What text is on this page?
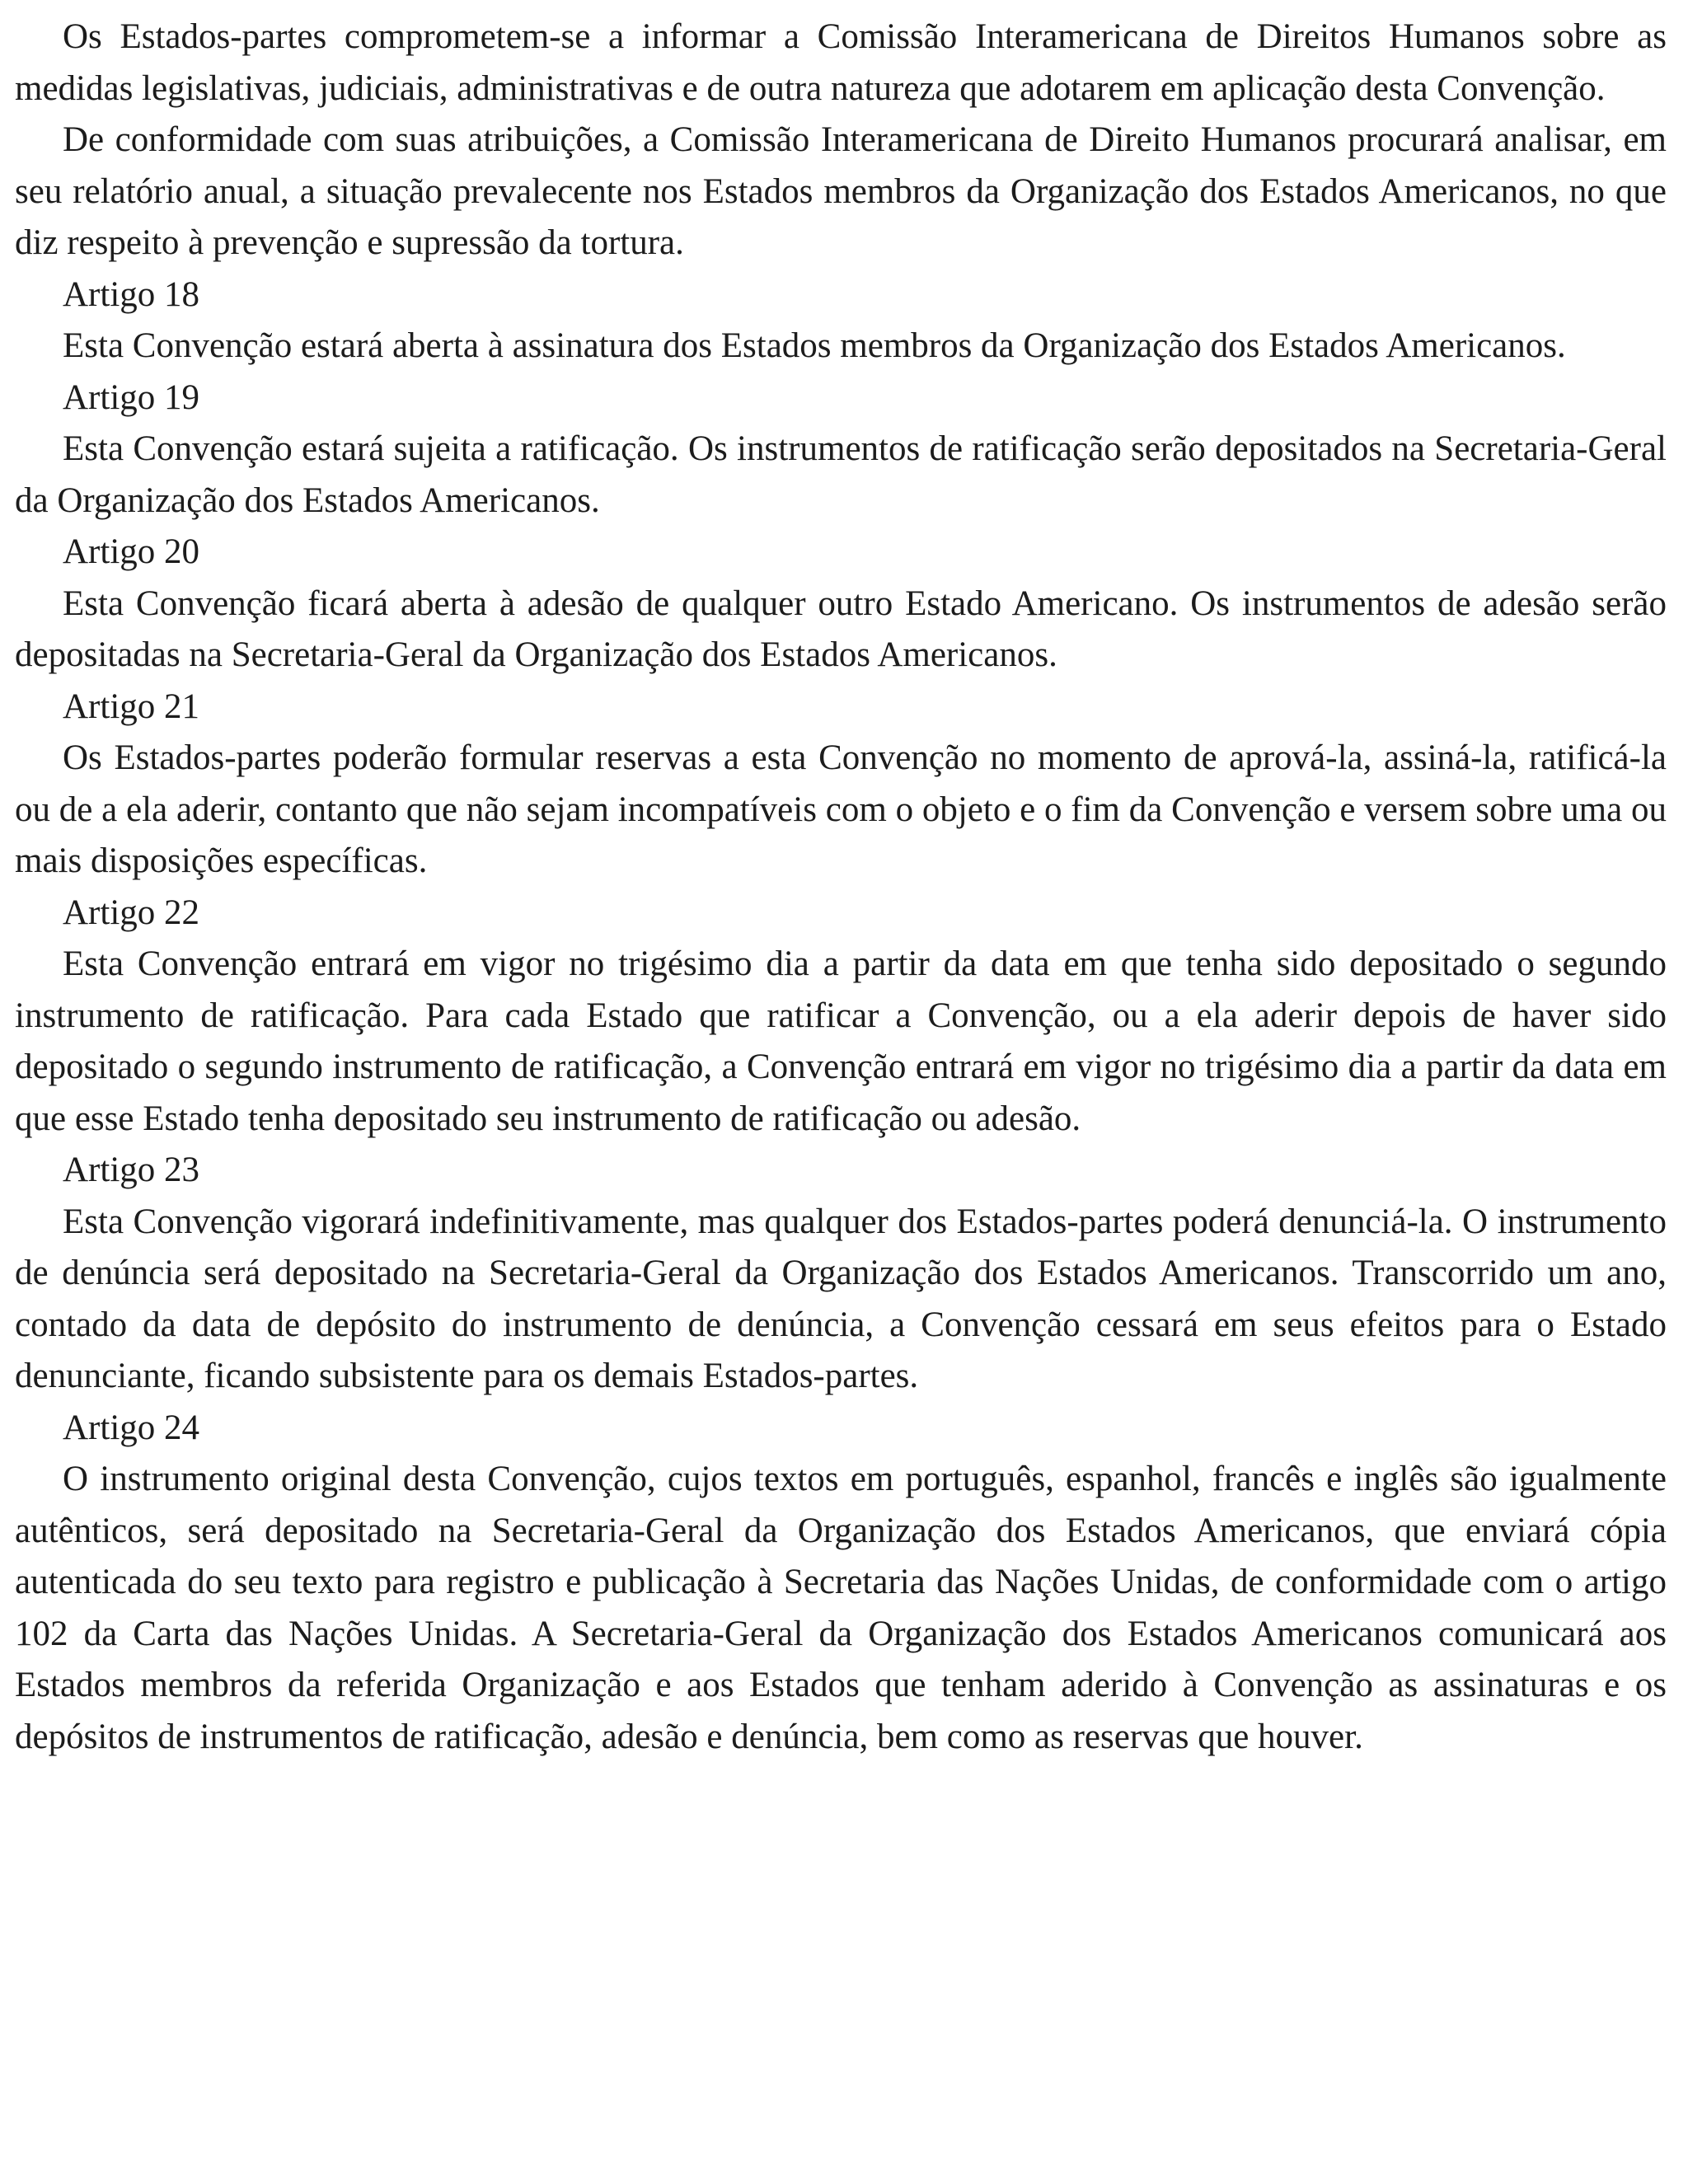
Os Estados-partes comprometem-se a informar a Comissão Interamericana de Direitos Humanos sobre as medidas legislativas, judiciais, administrativas e de outra natureza que adotarem em aplicação desta Convenção.

De conformidade com suas atribuições, a Comissão Interamericana de Direito Humanos procurará analisar, em seu relatório anual, a situação prevalecente nos Estados membros da Organização dos Estados Americanos, no que diz respeito à prevenção e supressão da tortura.

Artigo 18

Esta Convenção estará aberta à assinatura dos Estados membros da Organização dos Estados Americanos.

Artigo 19

Esta Convenção estará sujeita a ratificação. Os instrumentos de ratificação serão depositados na Secretaria-Geral da Organização dos Estados Americanos.

Artigo 20

Esta Convenção ficará aberta à adesão de qualquer outro Estado Americano. Os instrumentos de adesão serão depositadas na Secretaria-Geral da Organização dos Estados Americanos.

Artigo 21

Os Estados-partes poderão formular reservas a esta Convenção no momento de aprová-la, assiná-la, ratificá-la ou de a ela aderir, contanto que não sejam incompatíveis com o objeto e o fim da Convenção e versem sobre uma ou mais disposições específicas.

Artigo 22

Esta Convenção entrará em vigor no trigésimo dia a partir da data em que tenha sido depositado o segundo instrumento de ratificação. Para cada Estado que ratificar a Convenção, ou a ela aderir depois de haver sido depositado o segundo instrumento de ratificação, a Convenção entrará em vigor no trigésimo dia a partir da data em que esse Estado tenha depositado seu instrumento de ratificação ou adesão.

Artigo 23

Esta Convenção vigorará indefinitivamente, mas qualquer dos Estados-partes poderá denunciá-la. O instrumento de denúncia será depositado na Secretaria-Geral da Organização dos Estados Americanos. Transcorrido um ano, contado da data de depósito do instrumento de denúncia, a Convenção cessará em seus efeitos para o Estado denunciante, ficando subsistente para os demais Estados-partes.

Artigo 24

O instrumento original desta Convenção, cujos textos em português, espanhol, francês e inglês são igualmente autênticos, será depositado na Secretaria-Geral da Organização dos Estados Americanos, que enviará cópia autenticada do seu texto para registro e publicação à Secretaria das Nações Unidas, de conformidade com o artigo 102 da Carta das Nações Unidas. A Secretaria-Geral da Organização dos Estados Americanos comunicará aos Estados membros da referida Organização e aos Estados que tenham aderido à Convenção as assinaturas e os depósitos de instrumentos de ratificação, adesão e denúncia, bem como as reservas que houver.
